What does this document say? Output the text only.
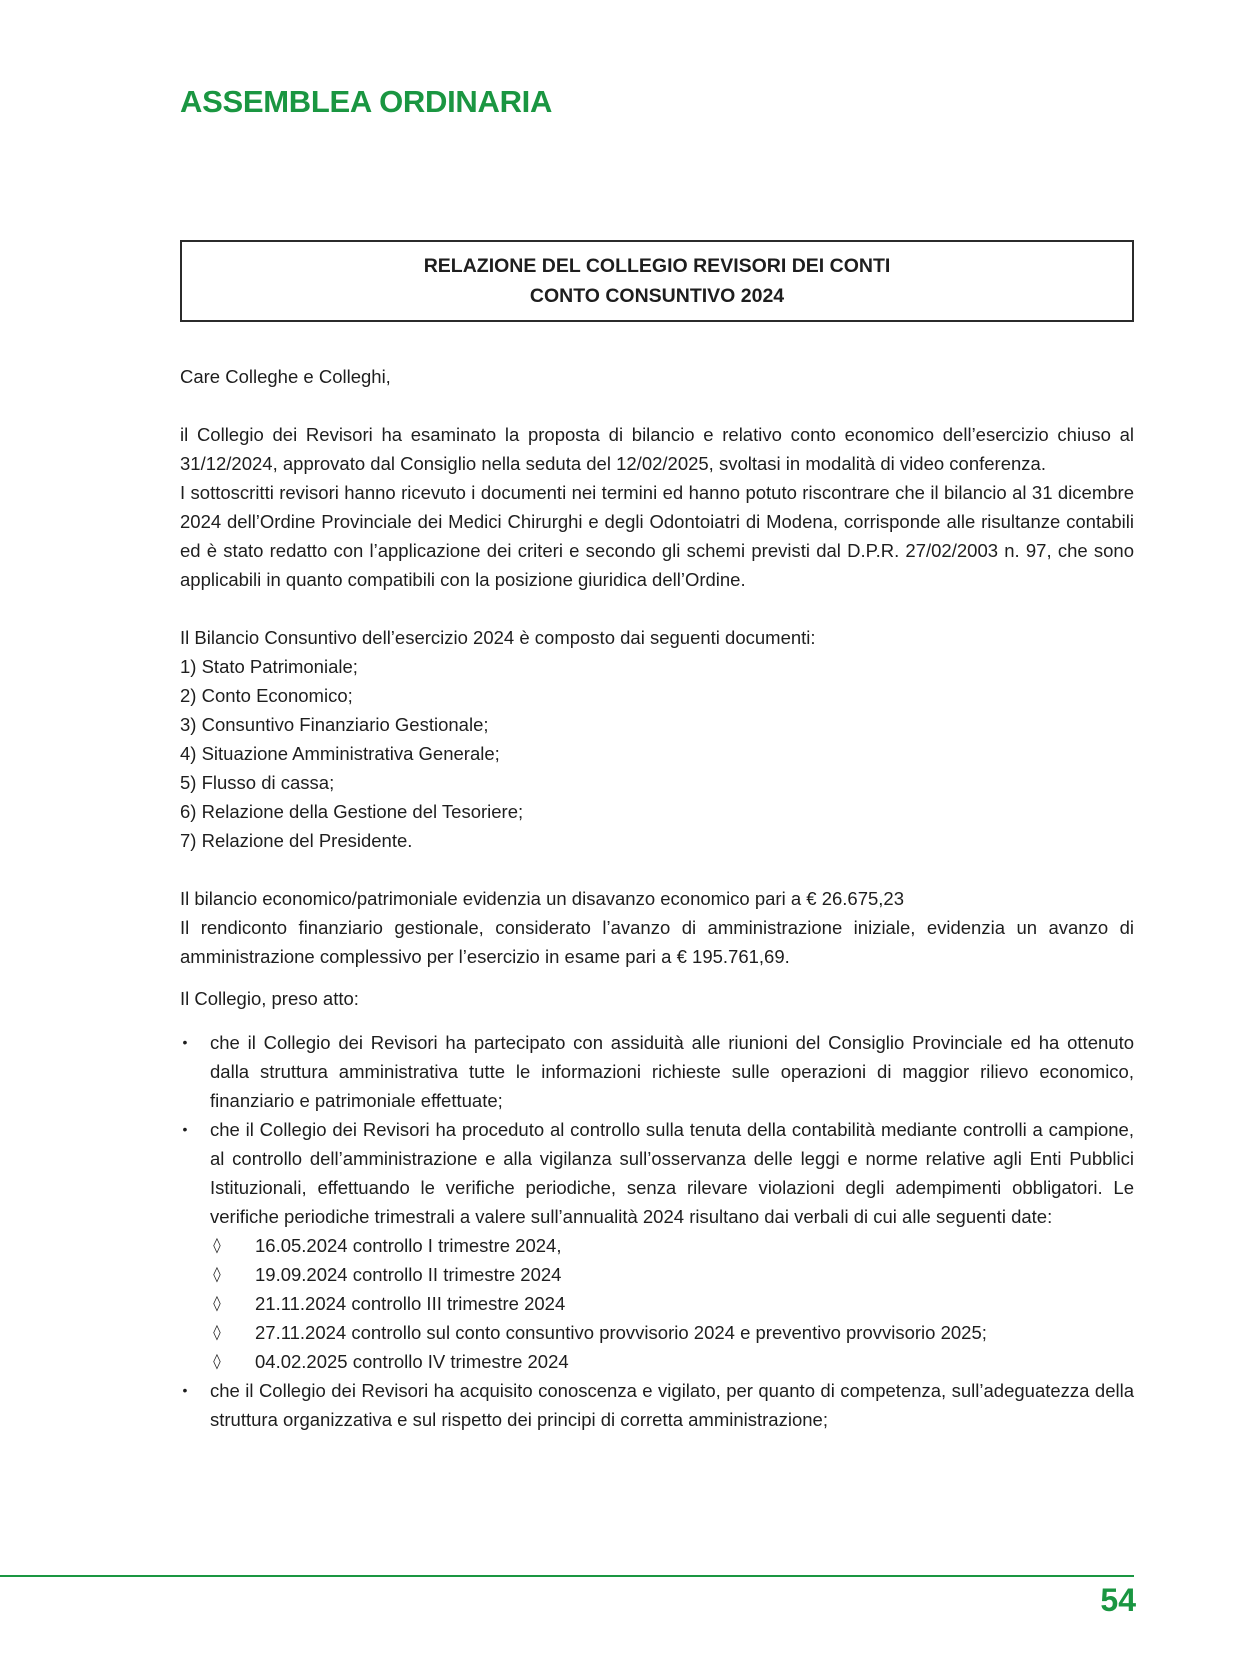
ASSEMBLEA ORDINARIA
RELAZIONE DEL COLLEGIO REVISORI DEI CONTI
CONTO CONSUNTIVO 2024

Care Colleghe e Colleghi,

il Collegio dei Revisori ha esaminato la proposta di bilancio e relativo conto economico dell’esercizio chiuso al 31/12/2024, approvato dal Consiglio nella seduta del 12/02/2025, svoltasi in modalità di video conferenza.

I sottoscritti revisori hanno ricevuto i documenti nei termini ed hanno potuto riscontrare che il bilancio al 31 dicembre 2024 dell’Ordine Provinciale dei Medici Chirurghi e degli Odontoiatri di Modena, corrisponde alle risultanze contabili ed è stato redatto con l’applicazione dei criteri e secondo gli schemi previsti dal D.P.R. 27/02/2003 n. 97, che sono applicabili in quanto compatibili con la posizione giuridica dell’Ordine.

Il Bilancio Consuntivo dell’esercizio 2024 è composto dai seguenti documenti:

1) Stato Patrimoniale;
2) Conto Economico;
3) Consuntivo Finanziario Gestionale;
4) Situazione Amministrativa Generale;
5) Flusso di cassa;
6) Relazione della Gestione del Tesoriere;
7) Relazione del Presidente.

Il bilancio economico/patrimoniale evidenzia un disavanzo economico pari a € 26.675,23

Il rendiconto finanziario gestionale, considerato l’avanzo di amministrazione iniziale, evidenzia un avanzo di amministrazione complessivo per l’esercizio in esame pari a € 195.761,69.

Il Collegio, preso atto:

• che il Collegio dei Revisori ha partecipato con assiduità alle riunioni del Consiglio Provinciale ed ha ottenuto dalla struttura amministrativa tutte le informazioni richieste sulle operazioni di maggior rilievo economico, finanziario e patrimoniale effettuate;
• che il Collegio dei Revisori ha proceduto al controllo sulla tenuta della contabilità mediante controlli a campione, al controllo dell’amministrazione e alla vigilanza sull’osservanza delle leggi e norme relative agli Enti Pubblici Istituzionali, effettuando le verifiche periodiche, senza rilevare violazioni degli adempimenti obbligatori. Le verifiche periodiche trimestrali a valere sull’annualità 2024 risultano dai verbali di cui alle seguenti date:
◊ 16.05.2024 controllo I trimestre 2024,
◊ 19.09.2024 controllo II trimestre 2024
◊ 21.11.2024 controllo III trimestre 2024
◊ 27.11.2024 controllo sul conto consuntivo provvisorio 2024 e preventivo provvisorio 2025;
◊ 04.02.2025 controllo IV trimestre 2024
• che il Collegio dei Revisori ha acquisito conoscenza e vigilato, per quanto di competenza, sull’adeguatezza della struttura organizzativa e sul rispetto dei principi di corretta amministrazione;
54
